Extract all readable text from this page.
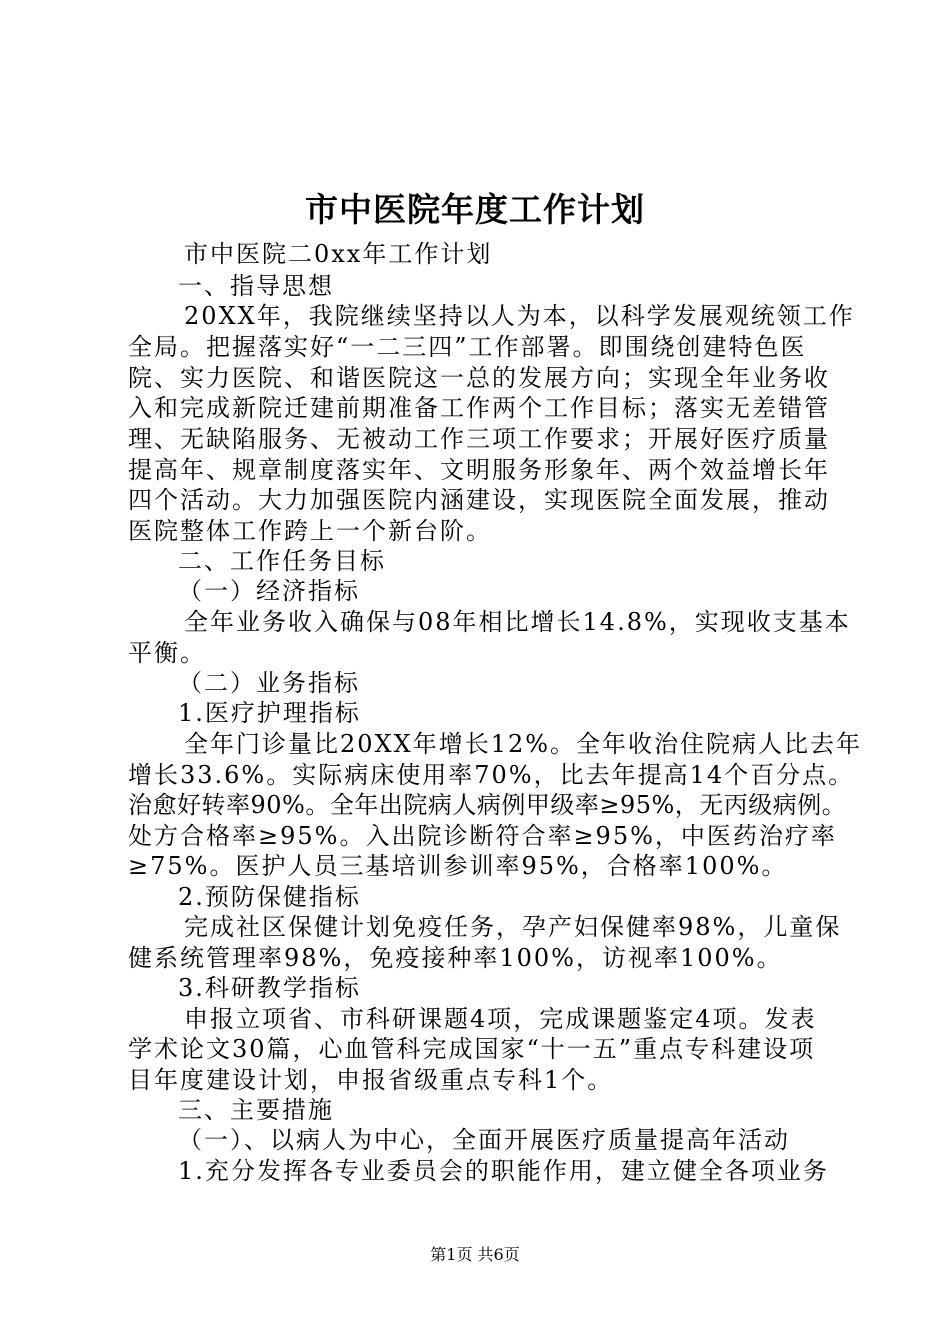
市中医院年度工作计划
市中医院二0xx年工作计划
一、指导思想
20XX年，我院继续坚持以人为本，以科学发展观统领工作
全局。把握落实好“一二三四”工作部署。即围绕创建特色医
院、实力医院、和谐医院这一总的发展方向；实现全年业务收
入和完成新院迁建前期准备工作两个工作目标；落实无差错管
理、无缺陷服务、无被动工作三项工作要求；开展好医疗质量
提高年、规章制度落实年、文明服务形象年、两个效益增长年
四个活动。大力加强医院内涵建设，实现医院全面发展，推动
医院整体工作跨上一个新台阶。
二、工作任务目标
（一）经济指标
全年业务收入确保与08年相比增长14.8%，实现收支基本
平衡。
（二）业务指标
1.医疗护理指标
全年门诊量比20XX年增长12%。全年收治住院病人比去年
增长33.6%。实际病床使用率70%，比去年提高14个百分点。
治愈好转率90%。全年出院病人病例甲级率≥95%，无丙级病例。
处方合格率≥95%。入出院诊断符合率≥95%，中医药治疗率
≥75%。医护人员三基培训参训率95%，合格率100%。
2.预防保健指标
完成社区保健计划免疫任务，孕产妇保健率98%，儿童保
健系统管理率98%，免疫接种率100%，访视率100%。
3.科研教学指标
申报立项省、市科研课题4项，完成课题鉴定4项。发表
学术论文30篇，心血管科完成国家“十一五”重点专科建设项
目年度建设计划，申报省级重点专科1个。
三、主要措施
（一）、以病人为中心，全面开展医疗质量提高年活动
1.充分发挥各专业委员会的职能作用，建立健全各项业务
第1页 共6页
